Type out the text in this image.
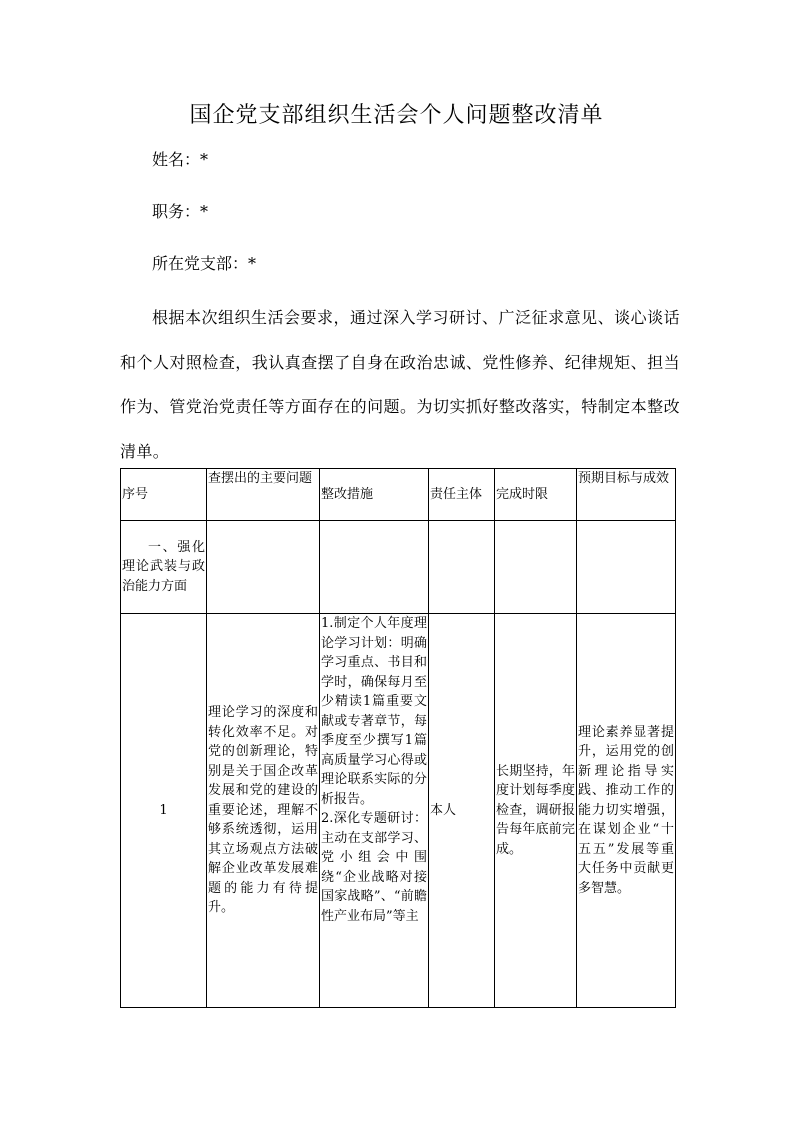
国企党支部组织生活会个人问题整改清单
姓名：*
职务：*
所在党支部：*

根据本次组织生活会要求，通过深入学习研讨、广泛征求意见、谈心谈话和个人对照检查，我认真查摆了自身在政治忠诚、党性修养、纪律规矩、担当作为、管党治党责任等方面存在的问题。为切实抓好整改落实，特制定本整改清单。

序号	查摆出的主要问题	整改措施	责任主体	完成时限	预期目标与成效
一、强化理论武装与政治能力方面					
1	理论学习的深度和转化效率不足。对党的创新理论，特别是关于国企改革发展和党的建设的重要论述，理解不够系统透彻，运用其立场观点方法破解企业改革发展难题的能力有待提升。	1.制定个人年度理论学习计划：明确学习重点、书目和学时，确保每月至少精读1篇重要文献或专著章节，每季度至少撰写1篇高质量学习心得或理论联系实际的分析报告。
2.深化专题研讨：主动在支部学习、党小组会中围绕“企业战略对接国家战略”、“前瞻性产业布局”等主	本人	长期坚持，年度计划每季度检查，调研报告每年底前完成。	理论素养显著提升，运用党的创新理论指导实践、推动工作的能力切实增强，在谋划企业“十五五”发展等重大任务中贡献更多智慧。
